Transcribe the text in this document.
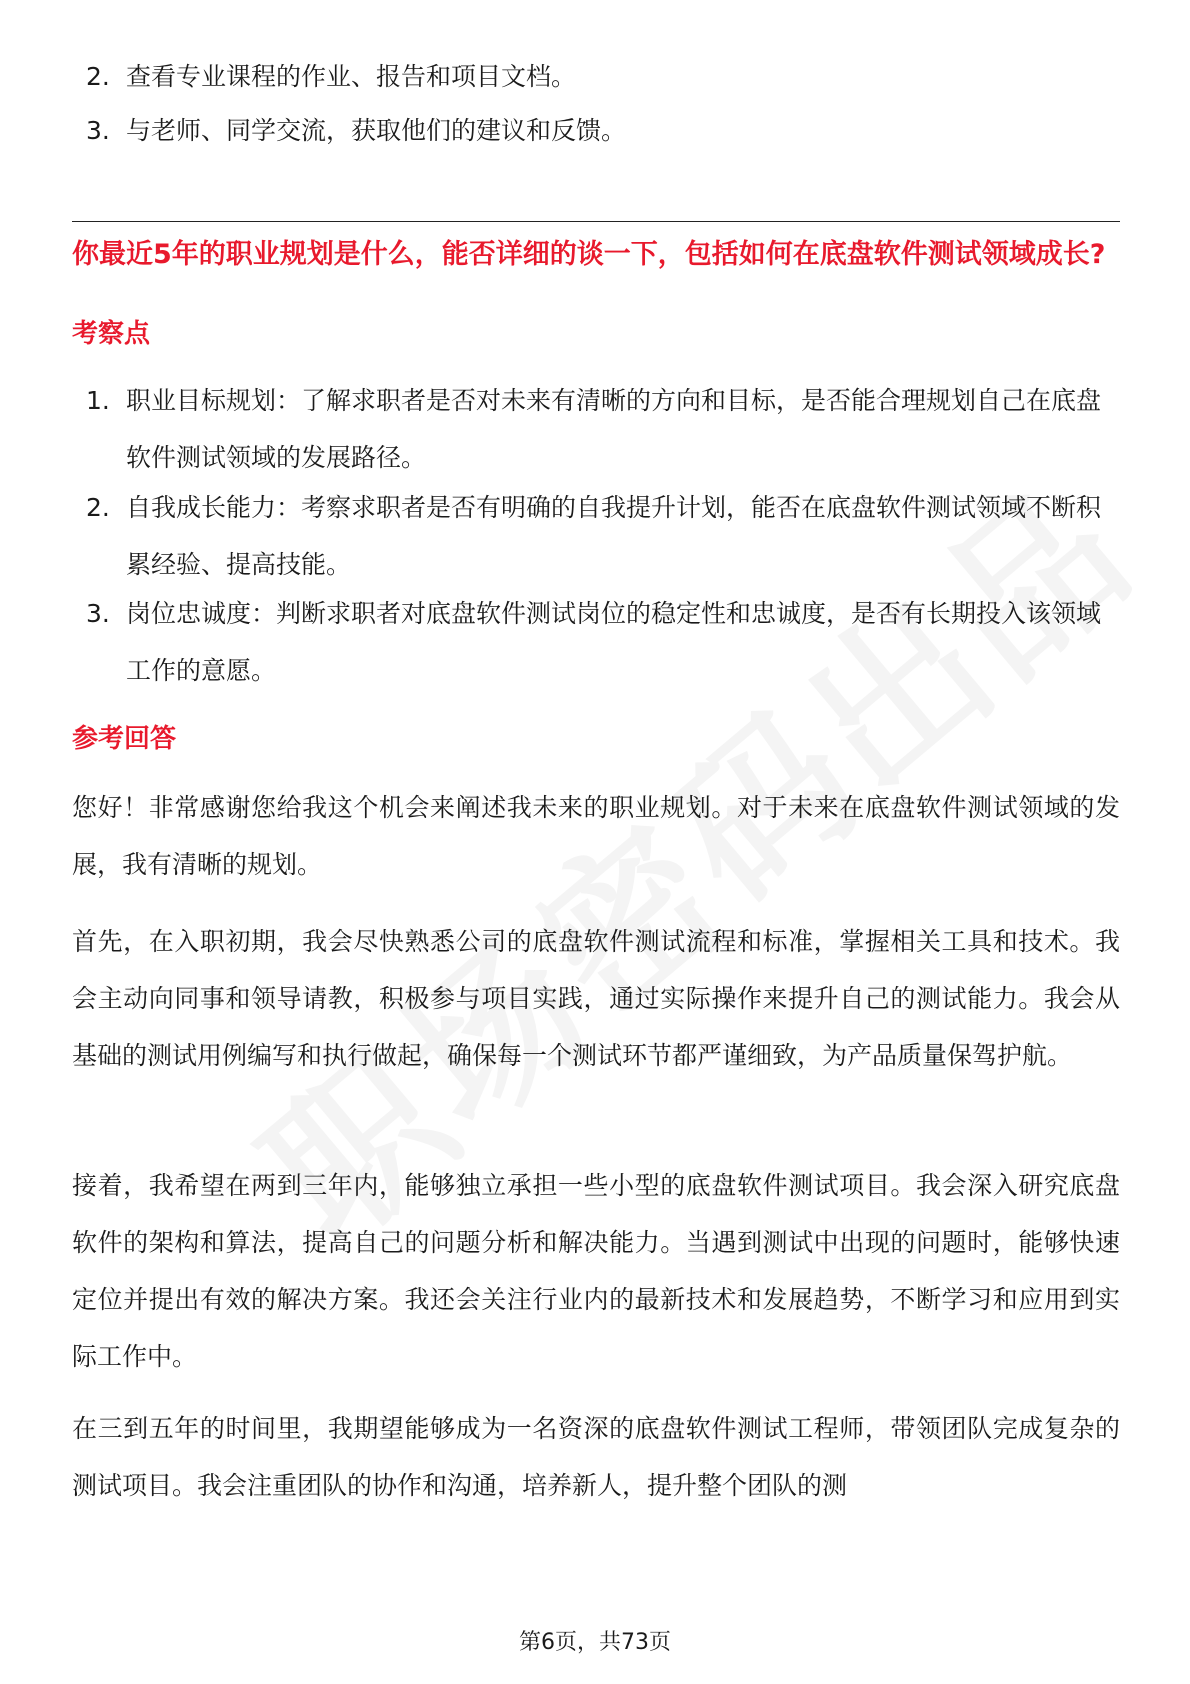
2. 查看专业课程的作业、报告和项目文档。
3. 与老师、同学交流，获取他们的建议和反馈。
你最近5年的职业规划是什么，能否详细的谈一下，包括如何在底盘软件测试领域成长?
考察点
1. 职业目标规划：了解求职者是否对未来有清晰的方向和目标，是否能合理规划自己在底盘软件测试领域的发展路径。
2. 自我成长能力：考察求职者是否有明确的自我提升计划，能否在底盘软件测试领域不断积累经验、提高技能。
3. 岗位忠诚度：判断求职者对底盘软件测试岗位的稳定性和忠诚度，是否有长期投入该领域工作的意愿。
参考回答
您好！非常感谢您给我这个机会来阐述我未来的职业规划。对于未来在底盘软件测试领域的发展，我有清晰的规划。
首先，在入职初期，我会尽快熟悉公司的底盘软件测试流程和标准，掌握相关工具和技术。我会主动向同事和领导请教，积极参与项目实践，通过实际操作来提升自己的测试能力。我会从基础的测试用例编写和执行做起，确保每一个测试环节都严谨细致，为产品质量保驾护航。
接着，我希望在两到三年内，能够独立承担一些小型的底盘软件测试项目。我会深入研究底盘软件的架构和算法，提高自己的问题分析和解决能力。当遇到测试中出现的问题时，能够快速定位并提出有效的解决方案。我还会关注行业内的最新技术和发展趋势，不断学习和应用到实际工作中。
在三到五年的时间里，我期望能够成为一名资深的底盘软件测试工程师，带领团队完成复杂的测试项目。我会注重团队的协作和沟通，培养新人，提升整个团队的测
第6页，共73页
